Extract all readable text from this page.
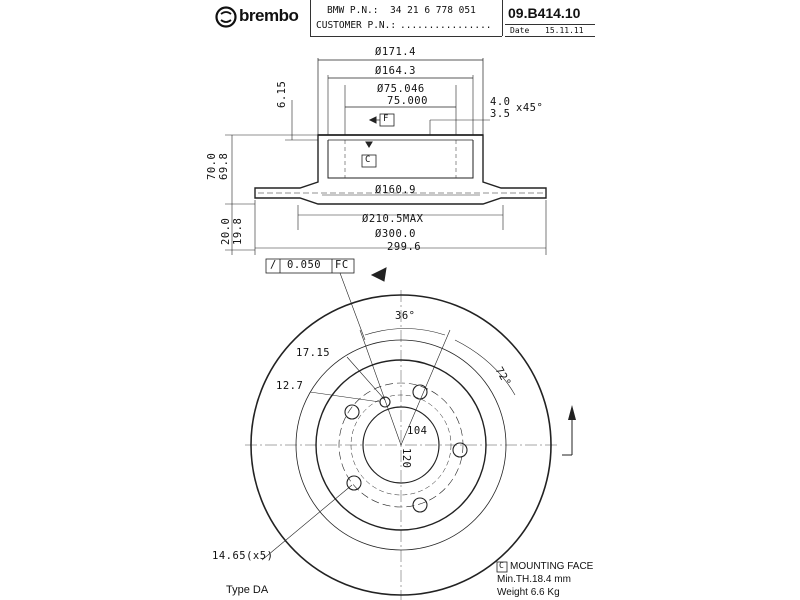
brembo	BMW P.N.: 34 21 6 778 051
CUSTOMER P.N.: ................
09.B414.10
Date 15.11.11
Ø171.4
Ø164.3
Ø75.046
75.000	4.0 x45°
3.5
6.15
F
C
Ø160.9
Ø210.5MAX
Ø300.0
299.6
70.0 69.8
20.0 19.8
/ 0.050 FC
36°
72°
17.15
12.7
104
120
14.65(x5)
Type DA
C MOUNTING FACE
Min.TH.18.4 mm
Weight 6.6 Kg
